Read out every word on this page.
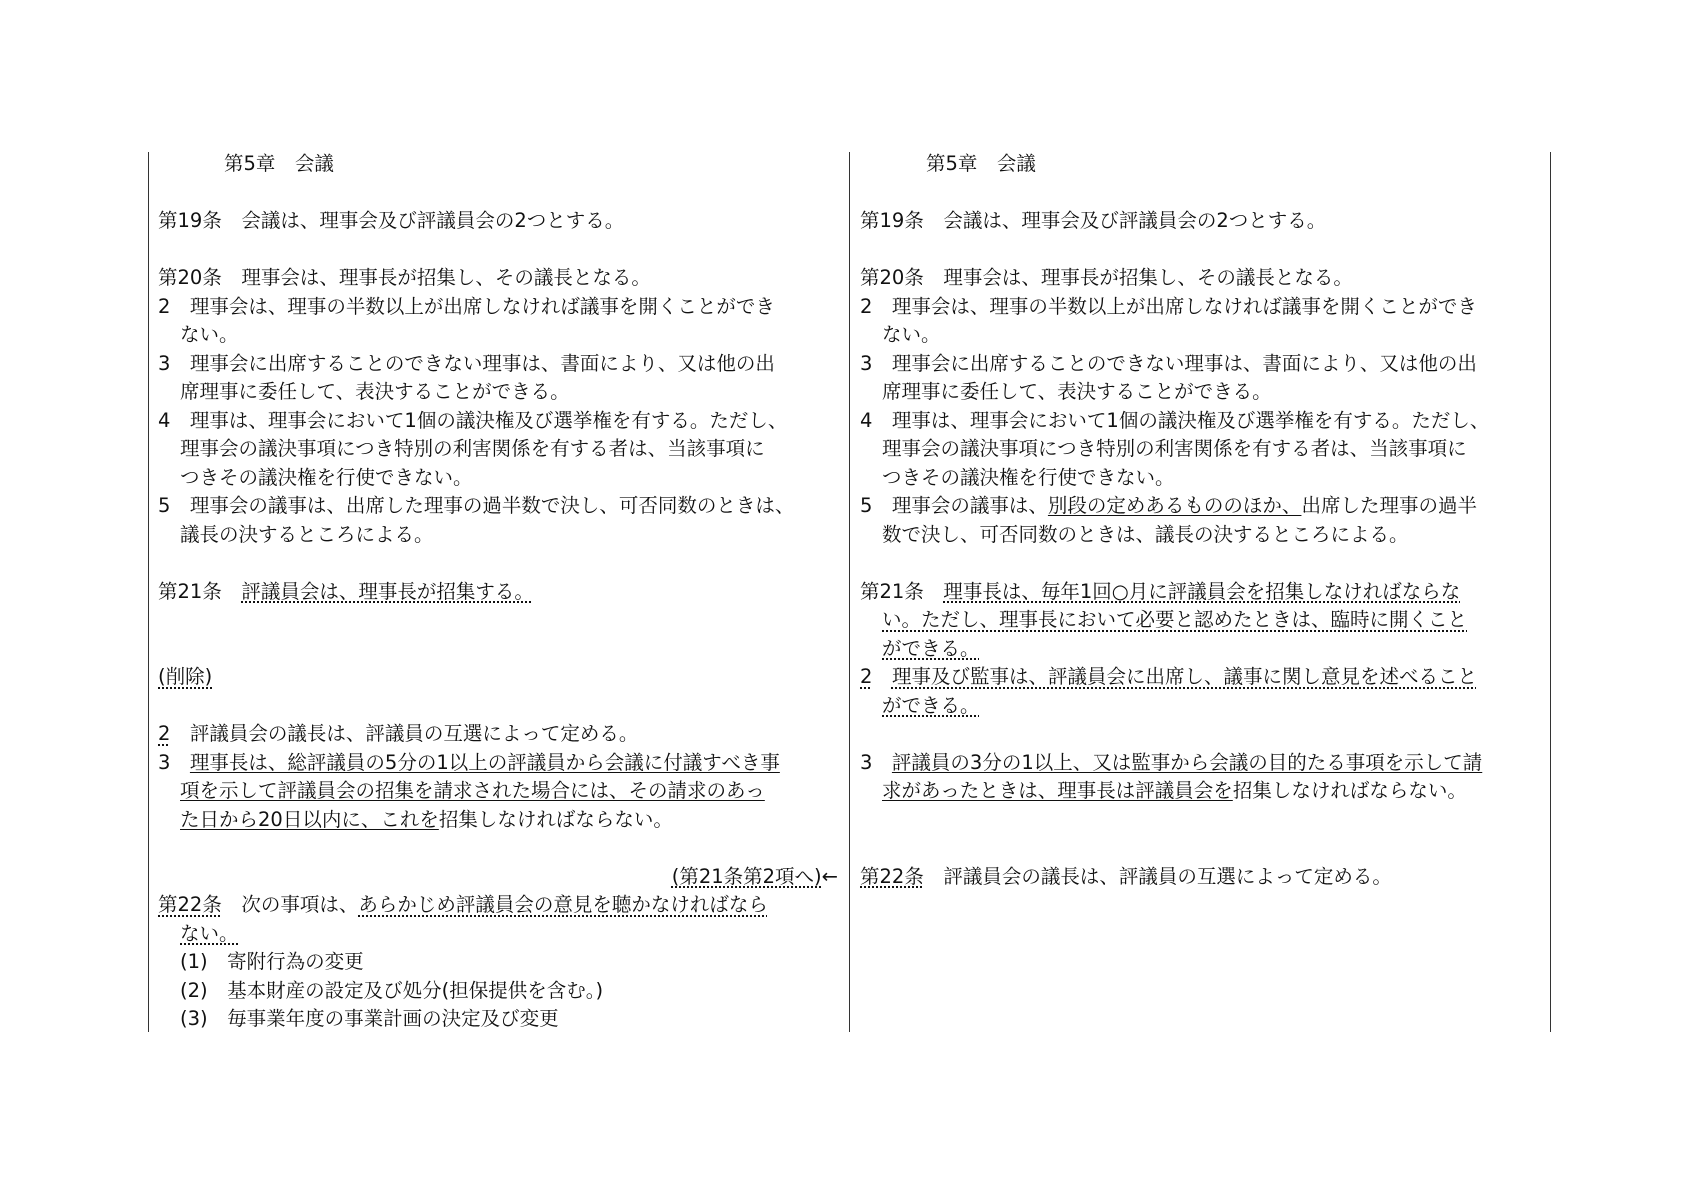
第5章　会議
第19条　会議は、理事会及び評議員会の2つとする。
第20条　理事会は、理事長が招集し、その議長となる。
2　理事会は、理事の半数以上が出席しなければ議事を開くことができ
ない。
3　理事会に出席することのできない理事は、書面により、又は他の出
席理事に委任して、表決することができる。
4　理事は、理事会において1個の議決権及び選挙権を有する。ただし、
理事会の議決事項につき特別の利害関係を有する者は、当該事項に
つきその議決権を行使できない。
5　理事会の議事は、出席した理事の過半数で決し、可否同数のときは、
議長の決するところによる。
第21条　評議員会は、理事長が招集する。
(削除)
2　評議員会の議長は、評議員の互選によって定める。
3　理事長は、総評議員の5分の1以上の評議員から会議に付議すべき事
項を示して評議員会の招集を請求された場合には、その請求のあっ
た日から20日以内に、これを招集しなければならない。
(第21条第2項へ)←
第22条　次の事項は、あらかじめ評議員会の意見を聴かなければなら
ない。
(1)　寄附行為の変更
(2)　基本財産の設定及び処分(担保提供を含む。)
(3)　毎事業年度の事業計画の決定及び変更
第5章　会議
第19条　会議は、理事会及び評議員会の2つとする。
第20条　理事会は、理事長が招集し、その議長となる。
2　理事会は、理事の半数以上が出席しなければ議事を開くことができ
ない。
3　理事会に出席することのできない理事は、書面により、又は他の出
席理事に委任して、表決することができる。
4　理事は、理事会において1個の議決権及び選挙権を有する。ただし、
理事会の議決事項につき特別の利害関係を有する者は、当該事項に
つきその議決権を行使できない。
5　理事会の議事は、別段の定めあるもののほか、出席した理事の過半
数で決し、可否同数のときは、議長の決するところによる。
第21条　理事長は、毎年1回○月に評議員会を招集しなければならな
い。ただし、理事長において必要と認めたときは、臨時に開くこと
ができる。
2　 理事及び監事は、評議員会に出席し、議事に関し意見を述べること
ができる。
3　評議員の3分の1以上、又は監事から会議の目的たる事項を示して請
求があったときは、理事長は評議員会を招集しなければならない。
第22条　評議員会の議長は、評議員の互選によって定める。
